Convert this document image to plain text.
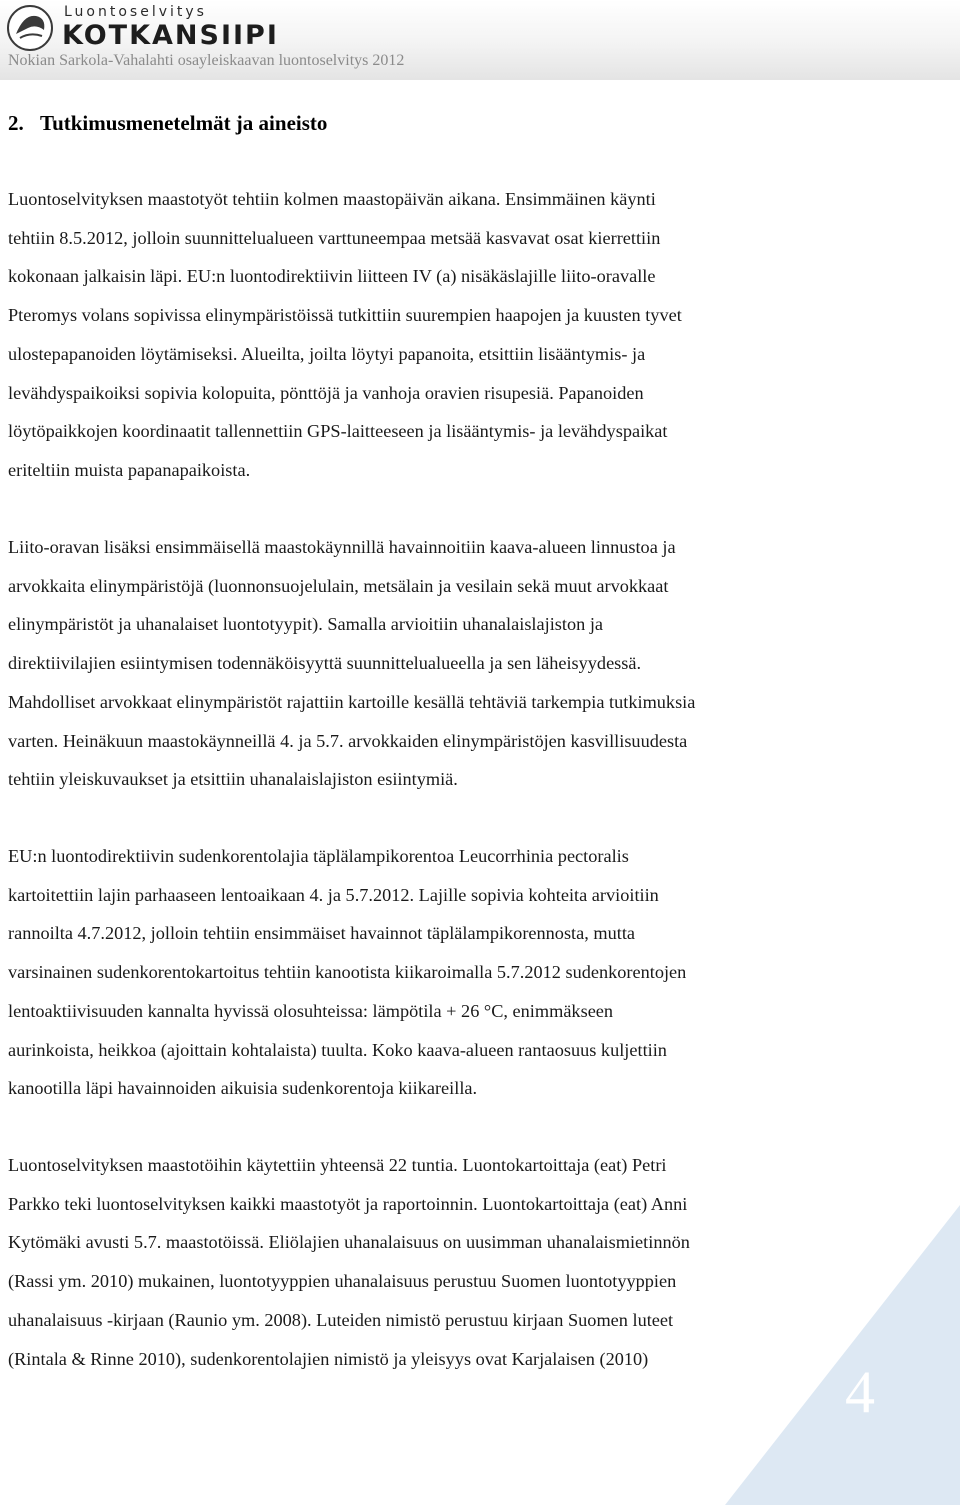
Luontoselvitys
KOTKANSIIPI
Nokian Sarkola-Vahalahti osayleiskaavan luontoselvitys 2012
2. Tutkimusmenetelmät ja aineisto

Luontoselvityksen maastotyöt tehtiin kolmen maastopäivän aikana. Ensimmäinen käynti
tehtiin 8.5.2012, jolloin suunnittelualueen varttuneempaa metsää kasvavat osat kierrettiin
kokonaan jalkaisin läpi. EU:n luontodirektiivin liitteen IV (a) nisäkäslajille liito-oravalle
Pteromys volans sopivissa elinympäristöissä tutkittiin suurempien haapojen ja kuusten tyvet
ulostepapanoiden löytämiseksi. Alueilta, joilta löytyi papanoita, etsittiin lisääntymis- ja
levähdyspaikoiksi sopivia kolopuita, pönttöjä ja vanhoja oravien risupesiä. Papanoiden
löytöpaikkojen koordinaatit tallennettiin GPS-laitteeseen ja lisääntymis- ja levähdyspaikat
eriteltiin muista papanapaikoista.

Liito-oravan lisäksi ensimmäisellä maastokäynnillä havainnoitiin kaava-alueen linnustoa ja
arvokkaita elinympäristöjä (luonnonsuojelulain, metsälain ja vesilain sekä muut arvokkaat
elinympäristöt ja uhanalaiset luontotyypit). Samalla arvioitiin uhanalaislajiston ja
direktiivilajien esiintymisen todennäköisyyttä suunnittelualueella ja sen läheisyydessä.
Mahdolliset arvokkaat elinympäristöt rajattiin kartoille kesällä tehtäviä tarkempia tutkimuksia
varten. Heinäkuun maastokäynneillä 4. ja 5.7. arvokkaiden elinympäristöjen kasvillisuudesta
tehtiin yleiskuvaukset ja etsittiin uhanalaislajiston esiintymiä.

EU:n luontodirektiivin sudenkorentolajia täplälampikorentoa Leucorrhinia pectoralis
kartoitettiin lajin parhaaseen lentoaikaan 4. ja 5.7.2012. Lajille sopivia kohteita arvioitiin
rannoilta 4.7.2012, jolloin tehtiin ensimmäiset havainnot täplälampikorennosta, mutta
varsinainen sudenkorentokartoitus tehtiin kanootista kiikaroimalla 5.7.2012 sudenkorentojen
lentoaktiivisuuden kannalta hyvissä olosuhteissa: lämpötila + 26 °C, enimmäkseen
aurinkoista, heikkoa (ajoittain kohtalaista) tuulta. Koko kaava-alueen rantaosuus kuljettiin
kanootilla läpi havainnoiden aikuisia sudenkorentoja kiikareilla.

Luontoselvityksen maastotöihin käytettiin yhteensä 22 tuntia. Luontokartoittaja (eat) Petri
Parkko teki luontoselvityksen kaikki maastotyöt ja raportoinnin. Luontokartoittaja (eat) Anni
Kytömäki avusti 5.7. maastotöissä. Eliölajien uhanalaisuus on uusimman uhanalaismietinnön
(Rassi ym. 2010) mukainen, luontotyyppien uhanalaisuus perustuu Suomen luontotyyppien
uhanalaisuus -kirjaan (Raunio ym. 2008). Luteiden nimistö perustuu kirjaan Suomen luteet
(Rintala & Rinne 2010), sudenkorentolajien nimistö ja yleisyys ovat Karjalaisen (2010)

4
